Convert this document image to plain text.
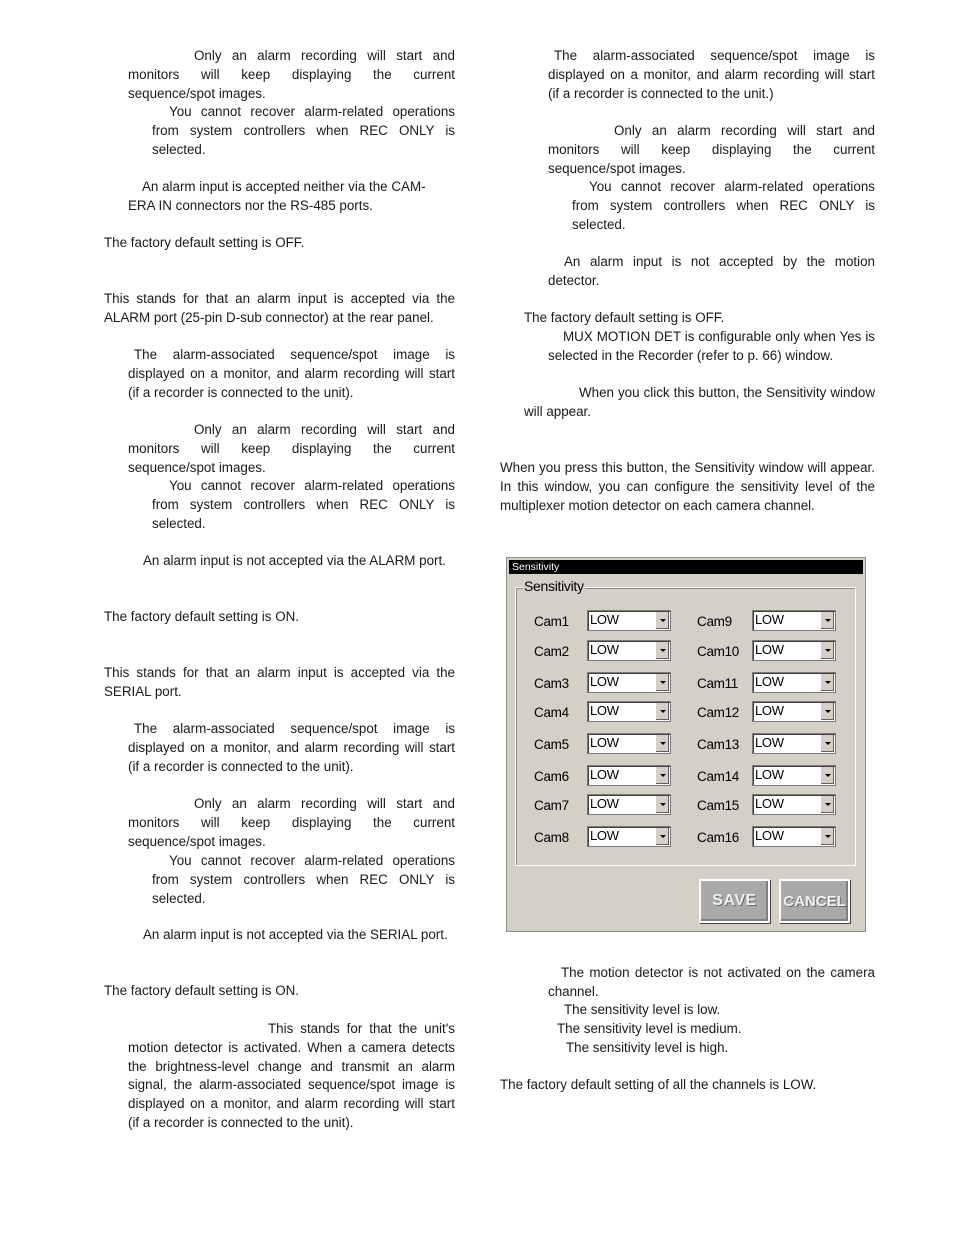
Only an alarm recording will start and monitors will keep displaying the current sequence/spot images.

You cannot recover alarm-related operations from system controllers when REC ONLY is selected.

An alarm input is accepted neither via the CAM-

ERA IN connectors nor the RS-485 ports.

The factory default setting is OFF.

This stands for that an alarm input is accepted via the ALARM port (25-pin D-sub connector) at the rear panel.

The alarm-associated sequence/spot image is displayed on a monitor, and alarm recording will start (if a recorder is connected to the unit).

Only an alarm recording will start and monitors will keep displaying the current sequence/spot images.

You cannot recover alarm-related operations from system controllers when REC ONLY is selected.

An alarm input is not accepted via the ALARM port.

The factory default setting is ON.

This stands for that an alarm input is accepted via the SERIAL port.

The alarm-associated sequence/spot image is displayed on a monitor, and alarm recording will start (if a recorder is connected to the unit).

Only an alarm recording will start and monitors will keep displaying the current sequence/spot images.

You cannot recover alarm-related operations from system controllers when REC ONLY is selected.

An alarm input is not accepted via the SERIAL port.

The factory default setting is ON.

This stands for that the unit's motion detector is activated. When a camera detects the brightness-level change and transmit an alarm signal, the alarm-associated sequence/spot image is displayed on a monitor, and alarm recording will start (if a recorder is connected to the unit).

The alarm-associated sequence/spot image is displayed on a monitor, and alarm recording will start (if a recorder is connected to the unit.)

Only an alarm recording will start and monitors will keep displaying the current sequence/spot images.

You cannot recover alarm-related operations from system controllers when REC ONLY is selected.

An alarm input is not accepted by the motion detector.

The factory default setting is OFF.

MUX MOTION DET is configurable only when Yes is selected in the Recorder (refer to p. 66) window.

When you click this button, the Sensitivity window will appear.

When you press this button, the Sensitivity window will appear. In this window, you can configure the sensitivity level of the multiplexer motion detector on each camera channel.

Sensitivity
Sensitivity
Cam1 LOW
Cam2 LOW
Cam3 LOW
Cam4 LOW
Cam5 LOW
Cam6 LOW
Cam7 LOW
Cam8 LOW
Cam9 LOW
Cam10 LOW
Cam11 LOW
Cam12 LOW
Cam13 LOW
Cam14 LOW
Cam15 LOW
Cam16 LOW
SAVE	CANCEL

The motion detector is not activated on the camera channel.

The sensitivity level is low.

The sensitivity level is medium.

The sensitivity level is high.

The factory default setting of all the channels is LOW.
